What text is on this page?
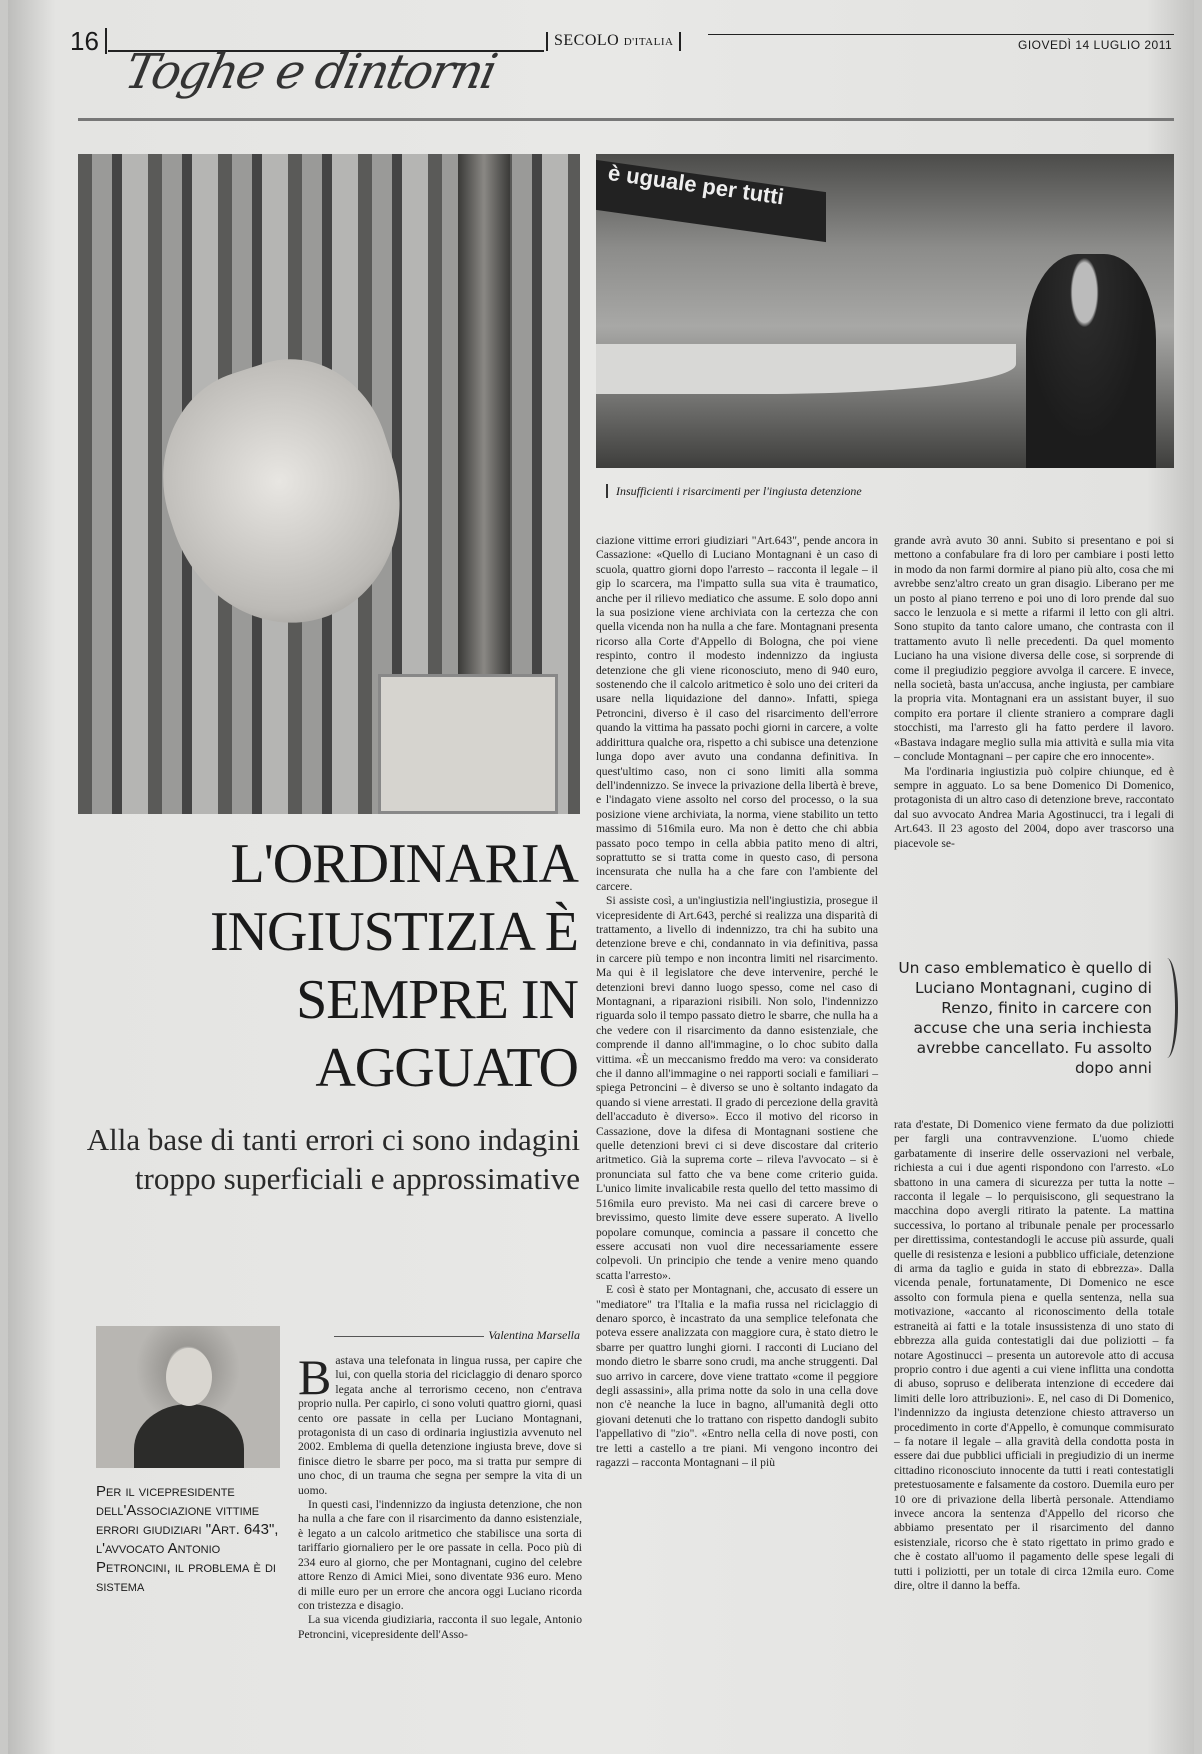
16	SECOLO D'ITALIA	GIOVEDÌ 14 LUGLIO 2011
Toghe e dintorni
è uguale per tutti
Insufficienti i risarcimenti per l'ingiusta detenzione
L'ORDINARIA INGIUSTIZIA È SEMPRE IN AGGUATO
Alla base di tanti errori ci sono indagini troppo superficiali e approssimative
Per il vicepresidente dell'Associazione vittime errori giudiziari "Art. 643", l'avvocato Antonio Petroncini, il problema è di sistema
Valentina Marsella

Bastava una telefonata in lingua russa, per capire che lui, con quella storia del riciclaggio di denaro sporco legata anche al terrorismo ceceno, non c'entrava proprio nulla. Per capirlo, ci sono voluti quattro giorni, quasi cento ore passate in cella per Luciano Montagnani, protagonista di un caso di ordinaria ingiustizia avvenuto nel 2002. Emblema di quella detenzione ingiusta breve, dove si finisce dietro le sbarre per poco, ma si tratta pur sempre di uno choc, di un trauma che segna per sempre la vita di un uomo.

In questi casi, l'indennizzo da ingiusta detenzione, che non ha nulla a che fare con il risarcimento da danno esistenziale, è legato a un calcolo aritmetico che stabilisce una sorta di tariffario giornaliero per le ore passate in cella. Poco più di 234 euro al giorno, che per Montagnani, cugino del celebre attore Renzo di Amici Miei, sono diventate 936 euro. Meno di mille euro per un errore che ancora oggi Luciano ricorda con tristezza e disagio.

La sua vicenda giudiziaria, racconta il suo legale, Antonio Petroncini, vicepresidente dell'Asso-

ciazione vittime errori giudiziari "Art.643", pende ancora in Cassazione: «Quello di Luciano Montagnani è un caso di scuola, quattro giorni dopo l'arresto – racconta il legale – il gip lo scarcera, ma l'impatto sulla sua vita è traumatico, anche per il rilievo mediatico che assume. E solo dopo anni la sua posizione viene archiviata con la certezza che con quella vicenda non ha nulla a che fare. Montagnani presenta ricorso alla Corte d'Appello di Bologna, che poi viene respinto, contro il modesto indennizzo da ingiusta detenzione che gli viene riconosciuto, meno di 940 euro, sostenendo che il calcolo aritmetico è solo uno dei criteri da usare nella liquidazione del danno». Infatti, spiega Petroncini, diverso è il caso del risarcimento dell'errore quando la vittima ha passato pochi giorni in carcere, a volte addirittura qualche ora, rispetto a chi subisce una detenzione lunga dopo aver avuto una condanna definitiva. In quest'ultimo caso, non ci sono limiti alla somma dell'indennizzo. Se invece la privazione della libertà è breve, e l'indagato viene assolto nel corso del processo, o la sua posizione viene archiviata, la norma, viene stabilito un tetto massimo di 516mila euro. Ma non è detto che chi abbia passato poco tempo in cella abbia patito meno di altri, soprattutto se si tratta come in questo caso, di persona incensurata che nulla ha a che fare con l'ambiente del carcere.

Si assiste così, a un'ingiustizia nell'ingiustizia, prosegue il vicepresidente di Art.643, perché si realizza una disparità di trattamento, a livello di indennizzo, tra chi ha subito una detenzione breve e chi, condannato in via definitiva, passa in carcere più tempo e non incontra limiti nel risarcimento. Ma qui è il legislatore che deve intervenire, perché le detenzioni brevi danno luogo spesso, come nel caso di Montagnani, a riparazioni risibili. Non solo, l'indennizzo riguarda solo il tempo passato dietro le sbarre, che nulla ha a che vedere con il risarcimento da danno esistenziale, che comprende il danno all'immagine, o lo choc subito dalla vittima. «È un meccanismo freddo ma vero: va considerato che il danno all'immagine o nei rapporti sociali e familiari – spiega Petroncini – è diverso se uno è soltanto indagato da quando si viene arrestati. Il grado di percezione della gravità dell'accaduto è diverso». Ecco il motivo del ricorso in Cassazione, dove la difesa di Montagnani sostiene che quelle detenzioni brevi ci si deve discostare dal criterio aritmetico. Già la suprema corte – rileva l'avvocato – si è pronunciata sul fatto che va bene come criterio guida. L'unico limite invalicabile resta quello del tetto massimo di 516mila euro previsto. Ma nei casi di carcere breve o brevissimo, questo limite deve essere superato. A livello popolare comunque, comincia a passare il concetto che essere accusati non vuol dire necessariamente essere colpevoli. Un principio che tende a venire meno quando scatta l'arresto».

E così è stato per Montagnani, che, accusato di essere un "mediatore" tra l'Italia e la mafia russa nel riciclaggio di denaro sporco, è incastrato da una semplice telefonata che poteva essere analizzata con maggiore cura, è stato dietro le sbarre per quattro lunghi giorni. I racconti di Luciano del mondo dietro le sbarre sono crudi, ma anche struggenti. Dal suo arrivo in carcere, dove viene trattato «come il peggiore degli assassini», alla prima notte da solo in una cella dove non c'è neanche la luce in bagno, all'umanità degli otto giovani detenuti che lo trattano con rispetto dandogli subito l'appellativo di "zio". «Entro nella cella di nove posti, con tre letti a castello a tre piani. Mi vengono incontro dei ragazzi – racconta Montagnani – il più

grande avrà avuto 30 anni. Subito si presentano e poi si mettono a confabulare fra di loro per cambiare i posti letto in modo da non farmi dormire al piano più alto, cosa che mi avrebbe senz'altro creato un gran disagio. Liberano per me un posto al piano terreno e poi uno di loro prende dal suo sacco le lenzuola e si mette a rifarmi il letto con gli altri. Sono stupito da tanto calore umano, che contrasta con il trattamento avuto lì nelle precedenti. Da quel momento Luciano ha una visione diversa delle cose, si sorprende di come il pregiudizio peggiore avvolga il carcere. E invece, nella società, basta un'accusa, anche ingiusta, per cambiare la propria vita. Montagnani era un assistant buyer, il suo compito era portare il cliente straniero a comprare dagli stocchisti, ma l'arresto gli ha fatto perdere il lavoro. «Bastava indagare meglio sulla mia attività e sulla mia vita – conclude Montagnani – per capire che ero innocente».

Ma l'ordinaria ingiustizia può colpire chiunque, ed è sempre in agguato. Lo sa bene Domenico Di Domenico, protagonista di un altro caso di detenzione breve, raccontato dal suo avvocato Andrea Maria Agostinucci, tra i legali di Art.643. Il 23 agosto del 2004, dopo aver trascorso una piacevole se-

Un caso emblematico è quello di Luciano Montagnani, cugino di Renzo, finito in carcere con accuse che una seria inchiesta avrebbe cancellato. Fu assolto dopo anni

rata d'estate, Di Domenico viene fermato da due poliziotti per fargli una contravvenzione. L'uomo chiede garbatamente di inserire delle osservazioni nel verbale, richiesta a cui i due agenti rispondono con l'arresto. «Lo sbattono in una camera di sicurezza per tutta la notte – racconta il legale – lo perquisiscono, gli sequestrano la macchina dopo avergli ritirato la patente. La mattina successiva, lo portano al tribunale penale per processarlo per direttissima, contestandogli le accuse più assurde, quali quelle di resistenza e lesioni a pubblico ufficiale, detenzione di arma da taglio e guida in stato di ebbrezza». Dalla vicenda penale, fortunatamente, Di Domenico ne esce assolto con formula piena e quella sentenza, nella sua motivazione, «accanto al riconoscimento della totale estraneità ai fatti e la totale insussistenza di uno stato di ebbrezza alla guida contestatigli dai due poliziotti – fa notare Agostinucci – presenta un autorevole atto di accusa proprio contro i due agenti a cui viene inflitta una condotta di abuso, sopruso e deliberata intenzione di eccedere dai limiti delle loro attribuzioni». E, nel caso di Di Domenico, l'indennizzo da ingiusta detenzione chiesto attraverso un procedimento in corte d'Appello, è comunque commisurato – fa notare il legale – alla gravità della condotta posta in essere dai due pubblici ufficiali in pregiudizio di un inerme cittadino riconosciuto innocente da tutti i reati contestatigli pretestuosamente e falsamente da costoro. Duemila euro per 10 ore di privazione della libertà personale. Attendiamo invece ancora la sentenza d'Appello del ricorso che abbiamo presentato per il risarcimento del danno esistenziale, ricorso che è stato rigettato in primo grado e che è costato all'uomo il pagamento delle spese legali di tutti i poliziotti, per un totale di circa 12mila euro. Come dire, oltre il danno la beffa.
